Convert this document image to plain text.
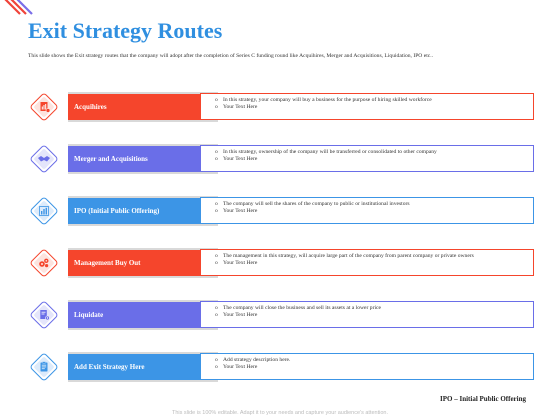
Exit Strategy Routes
This slide shows the Exit strategy routes that the company will adopt after the completion of Series C funding round like Acquihires, Merger and Acquisitions, Liquidation, IPO etc..
Acquihires
o In this strategy, your company will buy a business for the purpose of hiring skilled workforce
o Your Text Here
Merger and Acquisitions
o In this strategy, ownership of the company will be transferred or consolidated to other company
o Your Text Here
IPO (Initial Public Offering)
o The company will sell the shares of the company to public or institutional investors
o Your Text Here
Management Buy Out
o The management in this strategy, will acquire large part of the company from parent company or private owners
o Your Text Here
Liquidate
o The company will close the business and sell its assets at a lower price
o Your Text Here
Add Exit Strategy Here
o Add strategy description here.
o Your Text Here
IPO – Initial Public Offering
This slide is 100% editable. Adapt it to your needs and capture your audience's attention.
